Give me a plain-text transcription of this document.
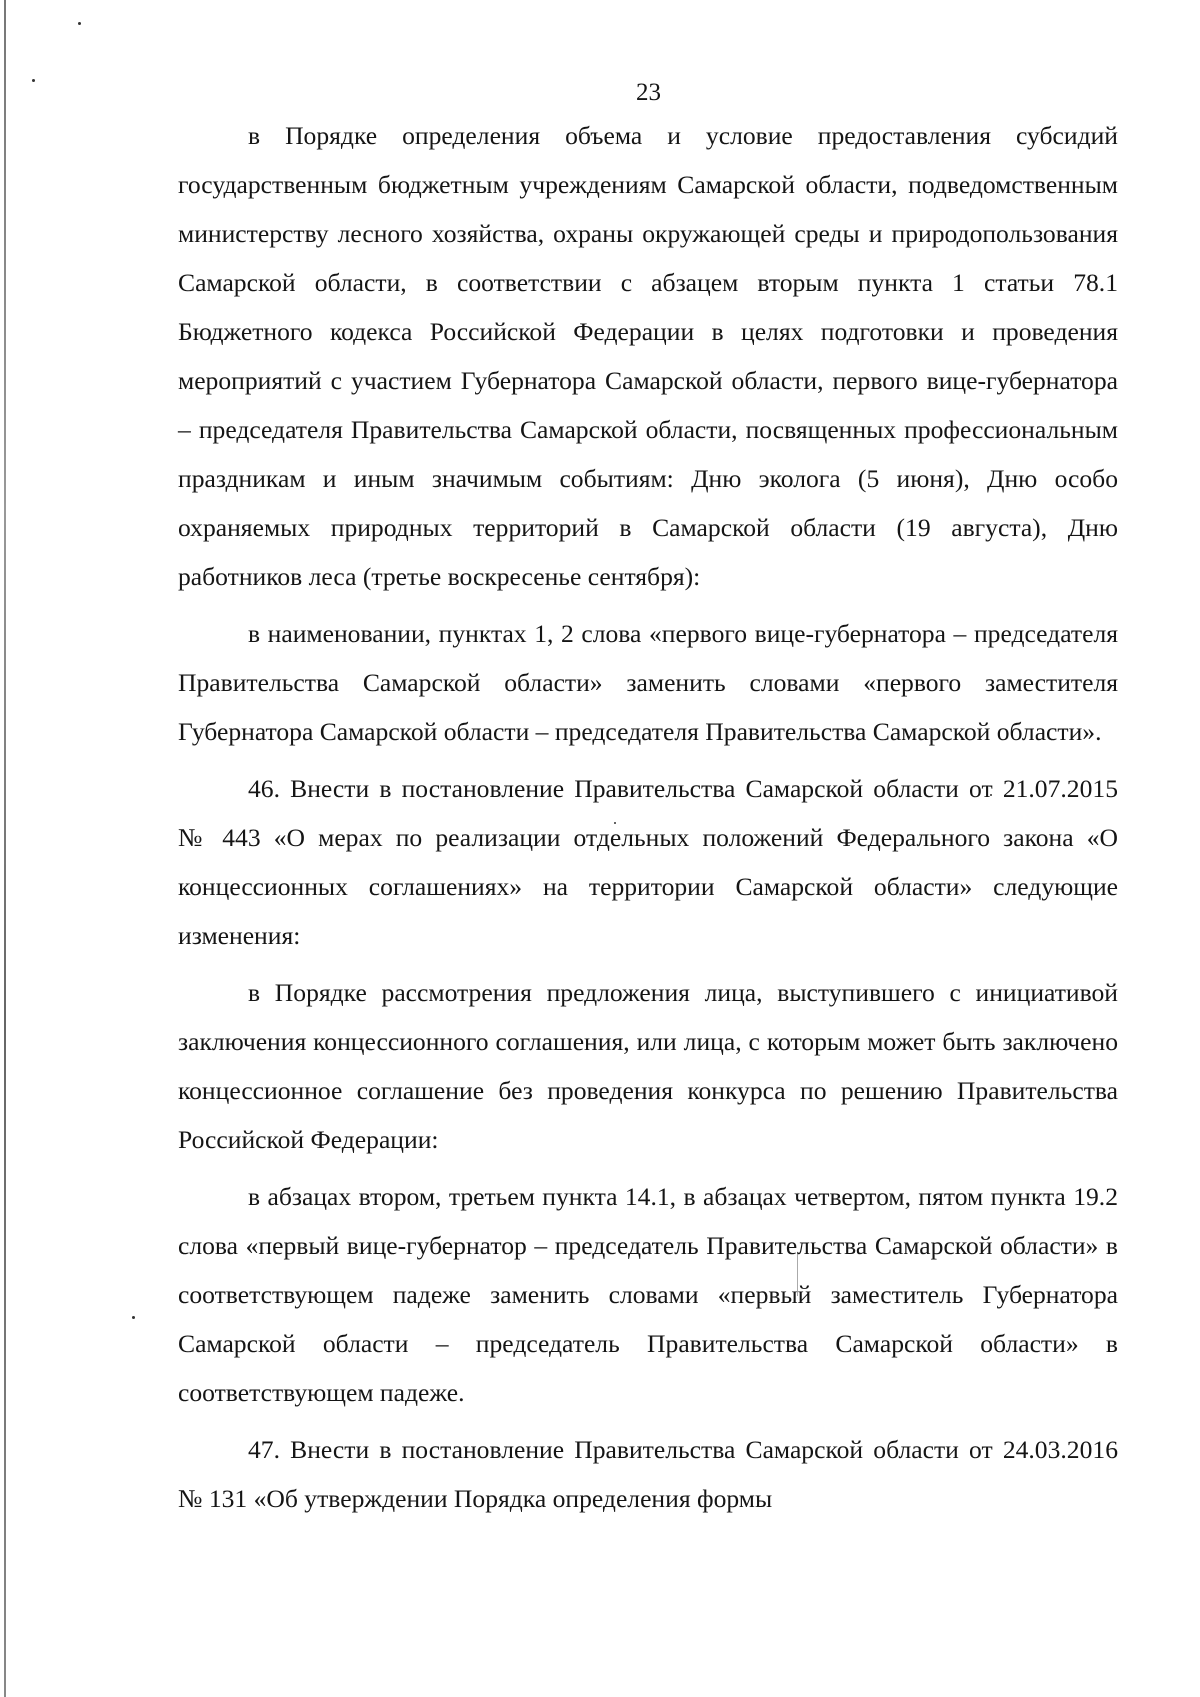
23

в Порядке определения объема и условие предоставления субсидий государственным бюджетным учреждениям Самарской области, подведомственным министерству лесного хозяйства, охраны окружающей среды и природопользования Самарской области, в соответствии с абзацем вторым пункта 1 статьи 78.1 Бюджетного кодекса Российской Федерации в целях подготовки и проведения мероприятий с участием Губернатора Самарской области, первого вице-губернатора – председателя Правительства Самарской области, посвященных профессиональным праздникам и иным значимым событиям: Дню эколога (5 июня), Дню особо охраняемых природных территорий в Самарской области (19 августа), Дню работников леса (третье воскресенье сентября):

в наименовании, пунктах 1, 2 слова «первого вице-губернатора – председателя Правительства Самарской области» заменить словами «первого заместителя Губернатора Самарской области – председателя Правительства Самарской области».

46. Внести в постановление Правительства Самарской области от 21.07.2015 № 443 «О мерах по реализации отдельных положений Федерального закона «О концессионных соглашениях» на территории Самарской области» следующие изменения:

в Порядке рассмотрения предложения лица, выступившего с инициативой заключения концессионного соглашения, или лица, с которым может быть заключено концессионное соглашение без проведения конкурса по решению Правительства Российской Федерации:

в абзацах втором, третьем пункта 14.1, в абзацах четвертом, пятом пункта 19.2 слова «первый вице-губернатор – председатель Правительства Самарской области» в соответствующем падеже заменить словами «первый заместитель Губернатора Самарской области – председатель Правительства Самарской области» в соответствующем падеже.

47. Внести в постановление Правительства Самарской области от 24.03.2016 № 131 «Об утверждении Порядка определения формы
